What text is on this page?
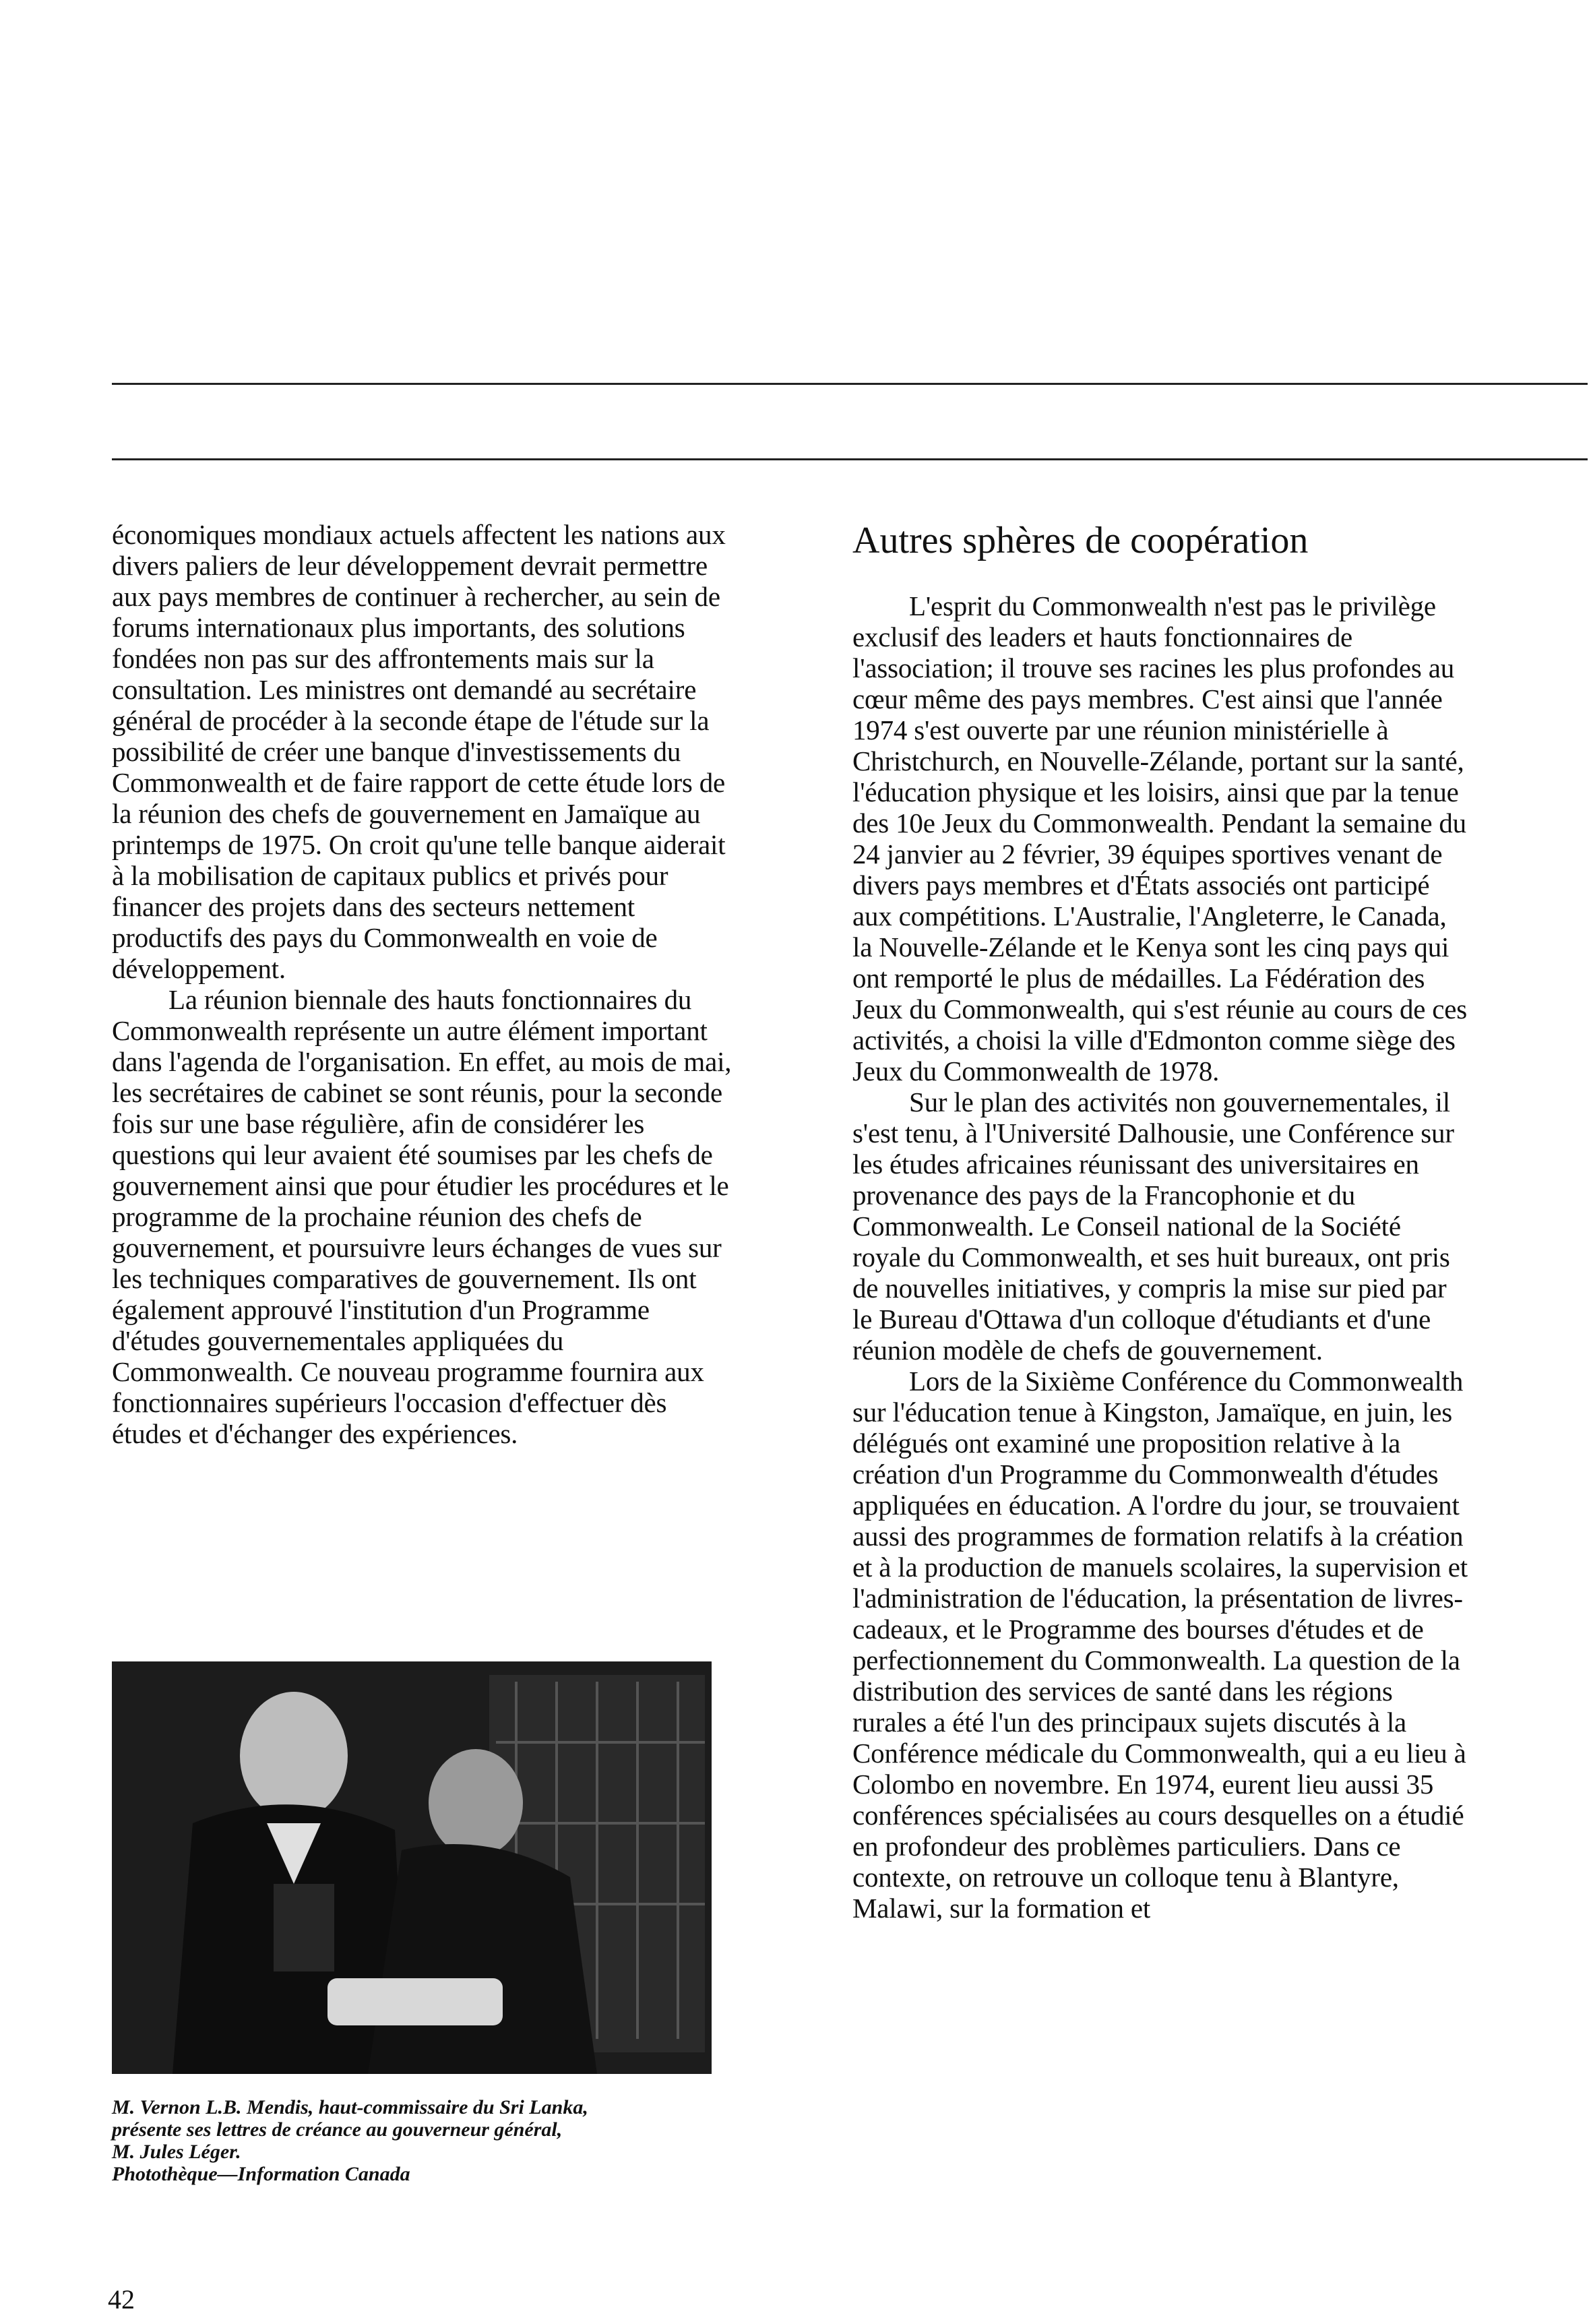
économiques mondiaux actuels affectent les nations aux divers paliers de leur développement devrait permettre aux pays membres de continuer à rechercher, au sein de forums internationaux plus importants, des solutions fondées non pas sur des affrontements mais sur la consultation. Les ministres ont demandé au secrétaire général de procéder à la seconde étape de l'étude sur la possibilité de créer une banque d'investissements du Commonwealth et de faire rapport de cette étude lors de la réunion des chefs de gouvernement en Jamaïque au printemps de 1975. On croit qu'une telle banque aiderait à la mobilisation de capitaux publics et privés pour financer des projets dans des secteurs nettement productifs des pays du Commonwealth en voie de développement.

La réunion biennale des hauts fonctionnaires du Commonwealth représente un autre élément important dans l'agenda de l'organisation. En effet, au mois de mai, les secrétaires de cabinet se sont réunis, pour la seconde fois sur une base régulière, afin de considérer les questions qui leur avaient été soumises par les chefs de gouvernement ainsi que pour étudier les procédures et le programme de la prochaine réunion des chefs de gouvernement, et poursuivre leurs échanges de vues sur les techniques comparatives de gouvernement. Ils ont également approuvé l'institution d'un Programme d'études gouvernementales appliquées du Commonwealth. Ce nouveau programme fournira aux fonctionnaires supérieurs l'occasion d'effectuer dès études et d'échanger des expériences.

M. Vernon L.B. Mendis, haut-commissaire du Sri Lanka,
présente ses lettres de créance au gouverneur général,
M. Jules Léger.
Photothèque—Information Canada
Autres sphères de coopération

L'esprit du Commonwealth n'est pas le privilège exclusif des leaders et hauts fonctionnaires de l'association; il trouve ses racines les plus profondes au cœur même des pays membres. C'est ainsi que l'année 1974 s'est ouverte par une réunion ministérielle à Christchurch, en Nouvelle-Zélande, portant sur la santé, l'éducation physique et les loisirs, ainsi que par la tenue des 10e Jeux du Commonwealth. Pendant la semaine du 24 janvier au 2 février, 39 équipes sportives venant de divers pays membres et d'États associés ont participé aux compétitions. L'Australie, l'Angleterre, le Canada, la Nouvelle-Zélande et le Kenya sont les cinq pays qui ont remporté le plus de médailles. La Fédération des Jeux du Commonwealth, qui s'est réunie au cours de ces activités, a choisi la ville d'Edmonton comme siège des Jeux du Commonwealth de 1978.

Sur le plan des activités non gouvernementales, il s'est tenu, à l'Université Dalhousie, une Conférence sur les études africaines réunissant des universitaires en provenance des pays de la Francophonie et du Commonwealth. Le Conseil national de la Société royale du Commonwealth, et ses huit bureaux, ont pris de nouvelles initiatives, y compris la mise sur pied par le Bureau d'Ottawa d'un colloque d'étudiants et d'une réunion modèle de chefs de gouvernement.

Lors de la Sixième Conférence du Commonwealth sur l'éducation tenue à Kingston, Jamaïque, en juin, les délégués ont examiné une proposition relative à la création d'un Programme du Commonwealth d'études appliquées en éducation. A l'ordre du jour, se trouvaient aussi des programmes de formation relatifs à la création et à la production de manuels scolaires, la supervision et l'administration de l'éducation, la présentation de livres-cadeaux, et le Programme des bourses d'études et de perfectionnement du Commonwealth. La question de la distribution des services de santé dans les régions rurales a été l'un des principaux sujets discutés à la Conférence médicale du Commonwealth, qui a eu lieu à Colombo en novembre. En 1974, eurent lieu aussi 35 conférences spécialisées au cours desquelles on a étudié en profondeur des problèmes particuliers. Dans ce contexte, on retrouve un colloque tenu à Blantyre, Malawi, sur la formation et

42
